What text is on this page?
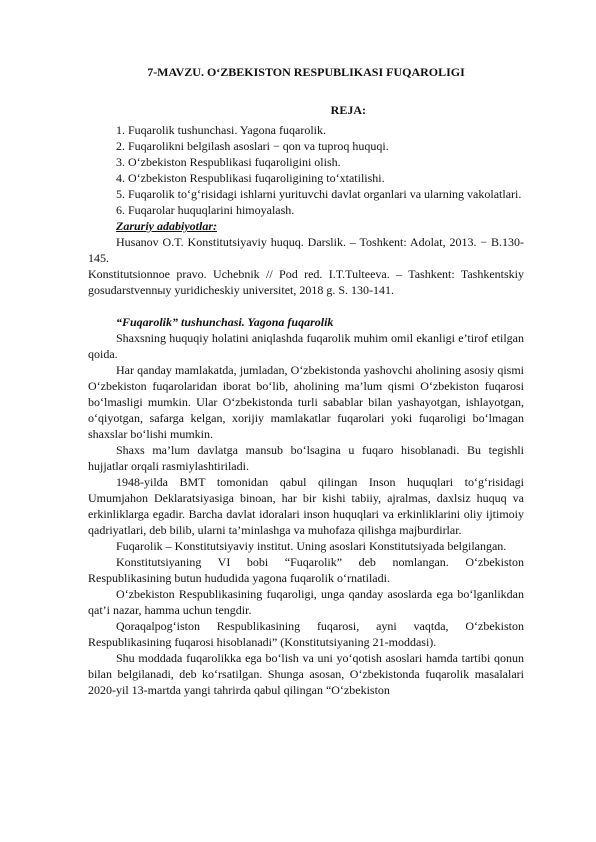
7-MAVZU. O‘ZBEKISTON RESPUBLIKASI FUQAROLIGI
REJA:

1. Fuqarolik tushunchasi. Yagona fuqarolik.

2. Fuqarolikni belgilash asoslari − qon va tuproq huquqi.

3. O‘zbekiston Respublikasi fuqaroligini olish.

4. O‘zbekiston Respublikasi fuqaroligining to‘xtatilishi.

5. Fuqarolik to‘g‘risidagi ishlarni yurituvchi davlat organlari va ularning vakolatlari.

6. Fuqarolar huquqlarini himoyalash.

Zaruriy adabiyotlar:

Husanov O.T. Konstitutsiyaviy huquq. Darslik. – Toshkent: Adolat, 2013. − B.130-145.

Konstitutsionnoe pravo. Uchebnik // Pod red. I.T.Tulteeva. – Tashkent: Tashkentskiy gosudarstvennыy yuridicheskiy universitet, 2018 g. S. 130-141.

“Fuqarolik” tushunchasi. Yagona fuqarolik

Shaxsning huquqiy holatini aniqlashda fuqarolik muhim omil ekanligi e’tirof etilgan qoida.

Har qanday mamlakatda, jumladan, O‘zbekistonda yashovchi aholining asosiy qismi O‘zbekiston fuqarolaridan iborat bo‘lib, aholining ma’lum qismi O‘zbekiston fuqarosi bo‘lmasligi mumkin. Ular O‘zbekistonda turli sabablar bilan yashayotgan, ishlayotgan, o‘qiyotgan, safarga kelgan, xorijiy mamlakatlar fuqarolari yoki fuqaroligi bo‘lmagan shaxslar bo‘lishi mumkin.

Shaxs ma’lum davlatga mansub bo‘lsagina u fuqaro hisoblanadi. Bu tegishli hujjatlar orqali rasmiylashtiriladi.

1948-yilda BMT tomonidan qabul qilingan Inson huquqlari to‘g‘risidagi Umumjahon Deklaratsiyasiga binoan, har bir kishi tabiiy, ajralmas, daxlsiz huquq va erkinliklarga egadir. Barcha davlat idoralari inson huquqlari va erkinliklarini oliy ijtimoiy qadriyatlari, deb bilib, ularni ta’minlashga va muhofaza qilishga majburdirlar.

Fuqarolik – Konstitutsiyaviy institut. Uning asoslari Konstitutsiyada belgilangan.

Konstitutsiyaning VI bobi “Fuqarolik” deb nomlangan. O‘zbekiston Respublikasining butun hududida yagona fuqarolik o‘rnatiladi.

O‘zbekiston Respublikasining fuqaroligi, unga qanday asoslarda ega bo‘lganlikdan qat’i nazar, hamma uchun tengdir.

Qoraqalpog‘iston Respublikasining fuqarosi, ayni vaqtda, O‘zbekiston Respublikasining fuqarosi hisoblanadi” (Konstitutsiyaning 21-moddasi).

Shu moddada fuqarolikka ega bo‘lish va uni yo‘qotish asoslari hamda tartibi qonun bilan belgilanadi, deb ko‘rsatilgan. Shunga asosan, O‘zbekistonda fuqarolik masalalari 2020-yil 13-martda yangi tahrirda qabul qilingan “O‘zbekiston
